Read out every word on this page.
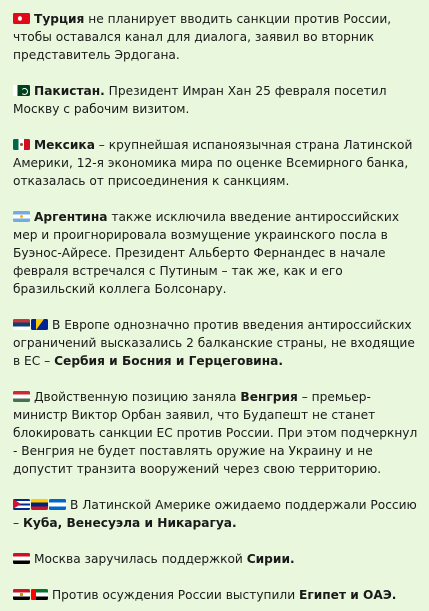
Турция не планирует вводить санкции против России, чтобы оставался канал для диалога, заявил во вторник представитель Эрдогана.

Пакистан. Президент Имран Хан 25 февраля посетил Москву с рабочим визитом.

Мексика – крупнейшая испаноязычная страна Латинской Америки, 12-я экономика мира по оценке Всемирного банка, отказалась от присоединения к санкциям.

Аргентина также исключила введение антироссийских мер и проигнорировала возмущение украинского посла в Буэнос-Айресе. Президент Альберто Фернандес в начале февраля встречался с Путиным – так же, как и его бразильский коллега Болсонару.

В Европе однозначно против введения антироссийских ограничений высказались 2 балканские страны, не входящие в ЕС – Сербия и Босния и Герцеговина.

Двойственную позицию заняла Венгрия – премьер-министр Виктор Орбан заявил, что Будапешт не станет блокировать санкции ЕС против России. При этом подчеркнул - Венгрия не будет поставлять оружие на Украину и не допустит транзита вооружений через свою территорию.

В Латинской Америке ожидаемо поддержали Россию – Куба, Венесуэла и Никарагуа.

Москва заручилась поддержкой Сирии.

Против осуждения России выступили Египет и ОАЭ.
